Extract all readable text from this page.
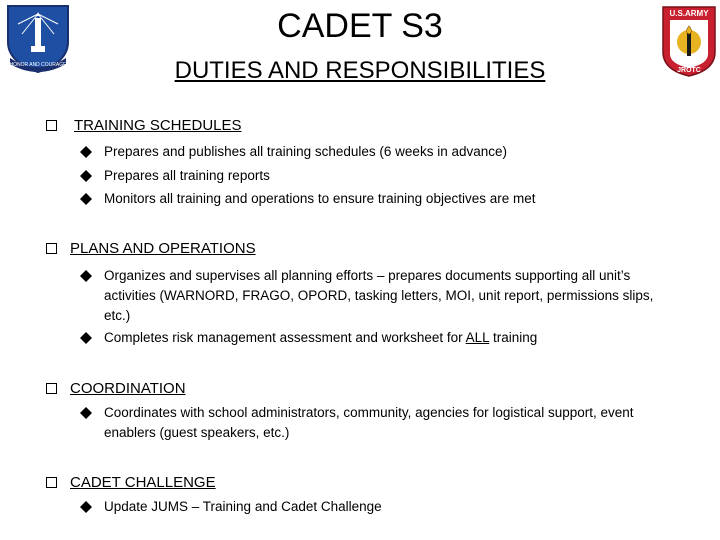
HONOR AND COURAGE
U.S.ARMY
JROTC
CADET S3
DUTIES AND RESPONSIBILITIES
TRAINING SCHEDULES
Prepares and publishes all training schedules (6 weeks in advance)
Prepares all training reports
Monitors all training and operations to ensure training objectives are met
PLANS AND OPERATIONS
Organizes and supervises all planning efforts – prepares documents supporting all unit’s activities (WARNORD, FRAGO, OPORD, tasking letters, MOI, unit report, permissions slips, etc.)
Completes risk management assessment and worksheet for ALL training
COORDINATION
Coordinates with school administrators, community, agencies for logistical support, event enablers (guest speakers, etc.)
CADET CHALLENGE
Update JUMS – Training and Cadet Challenge
